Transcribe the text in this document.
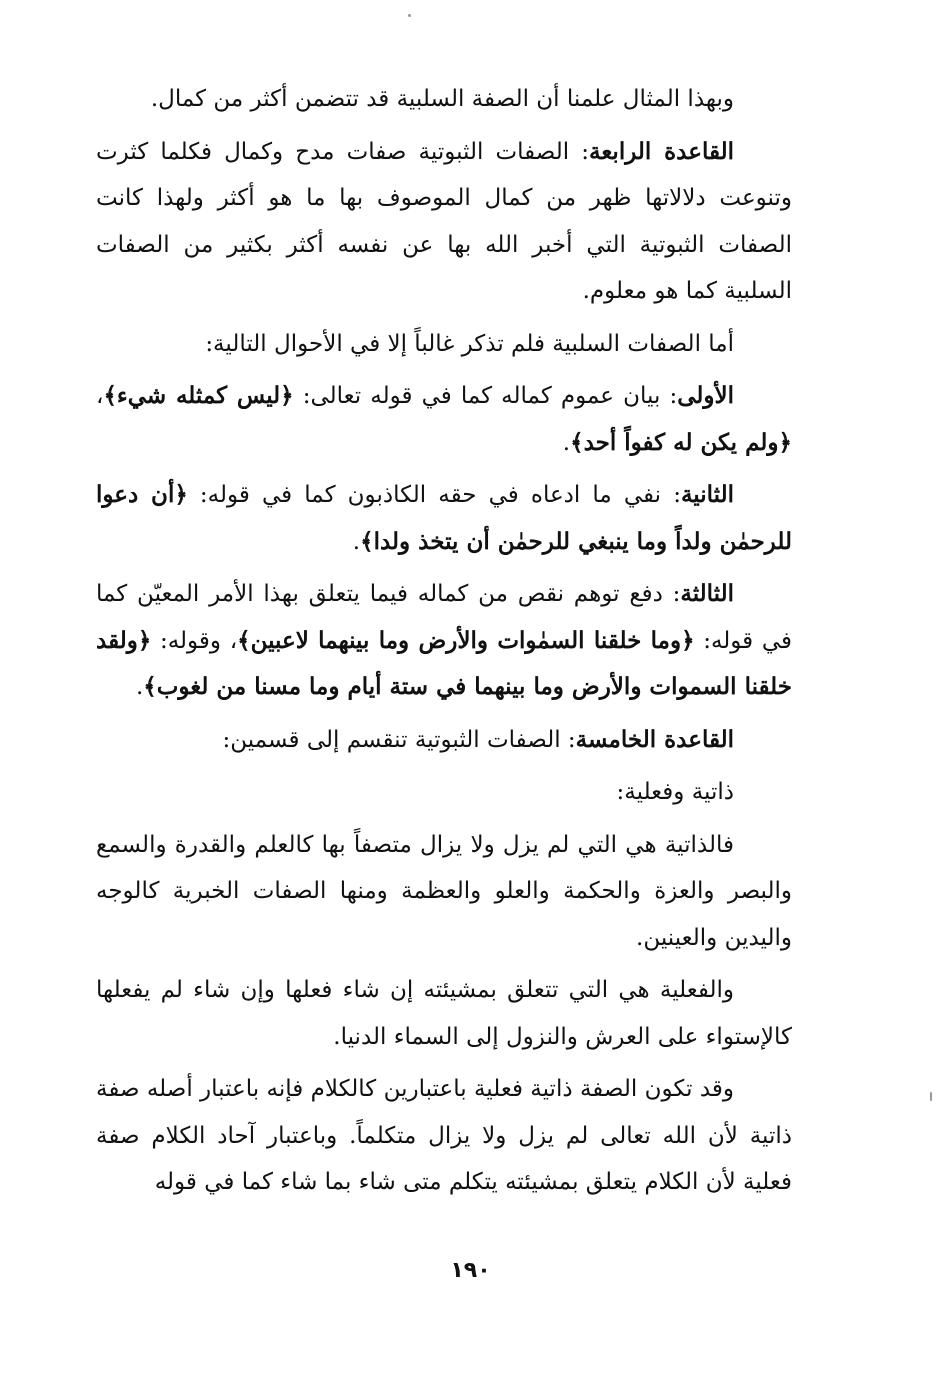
وبهذا المثال علمنا أن الصفة السلبية قد تتضمن أكثر من كمال.

القاعدة الرابعة: الصفات الثبوتية صفات مدح وكمال فكلما كثرت وتنوعت دلالاتها ظهر من كمال الموصوف بها ما هو أكثر ولهذا كانت الصفات الثبوتية التي أخبر الله بها عن نفسه أكثر بكثير من الصفات السلبية كما هو معلوم.

أما الصفات السلبية فلم تذكر غالباً إلا في الأحوال التالية:

الأولى: بيان عموم كماله كما في قوله تعالى: ﴿ليس كمثله شيء﴾، ﴿ولم يكن له كفواً أحد﴾.

الثانية: نفي ما ادعاه في حقه الكاذبون كما في قوله: ﴿أن دعوا للرحمٰن ولداً وما ينبغي للرحمٰن أن يتخذ ولدا﴾.

الثالثة: دفع توهم نقص من كماله فيما يتعلق بهذا الأمر المعيّن كما في قوله: ﴿وما خلقنا السمٰوات والأرض وما بينهما لاعبين﴾، وقوله: ﴿ولقد خلقنا السموات والأرض وما بينهما في ستة أيام وما مسنا من لغوب﴾.

القاعدة الخامسة: الصفات الثبوتية تنقسم إلى قسمين:

ذاتية وفعلية:

فالذاتية هي التي لم يزل ولا يزال متصفاً بها كالعلم والقدرة والسمع والبصر والعزة والحكمة والعلو والعظمة ومنها الصفات الخبرية كالوجه واليدين والعينين.

والفعلية هي التي تتعلق بمشيئته إن شاء فعلها وإن شاء لم يفعلها كالإستواء على العرش والنزول إلى السماء الدنيا.

وقد تكون الصفة ذاتية فعلية باعتبارين كالكلام فإنه باعتبار أصله صفة ذاتية لأن الله تعالى لم يزل ولا يزال متكلماً. وباعتبار آحاد الكلام صفة فعلية لأن الكلام يتعلق بمشيئته يتكلم متى شاء بما شاء كما في قوله

١٩٠
